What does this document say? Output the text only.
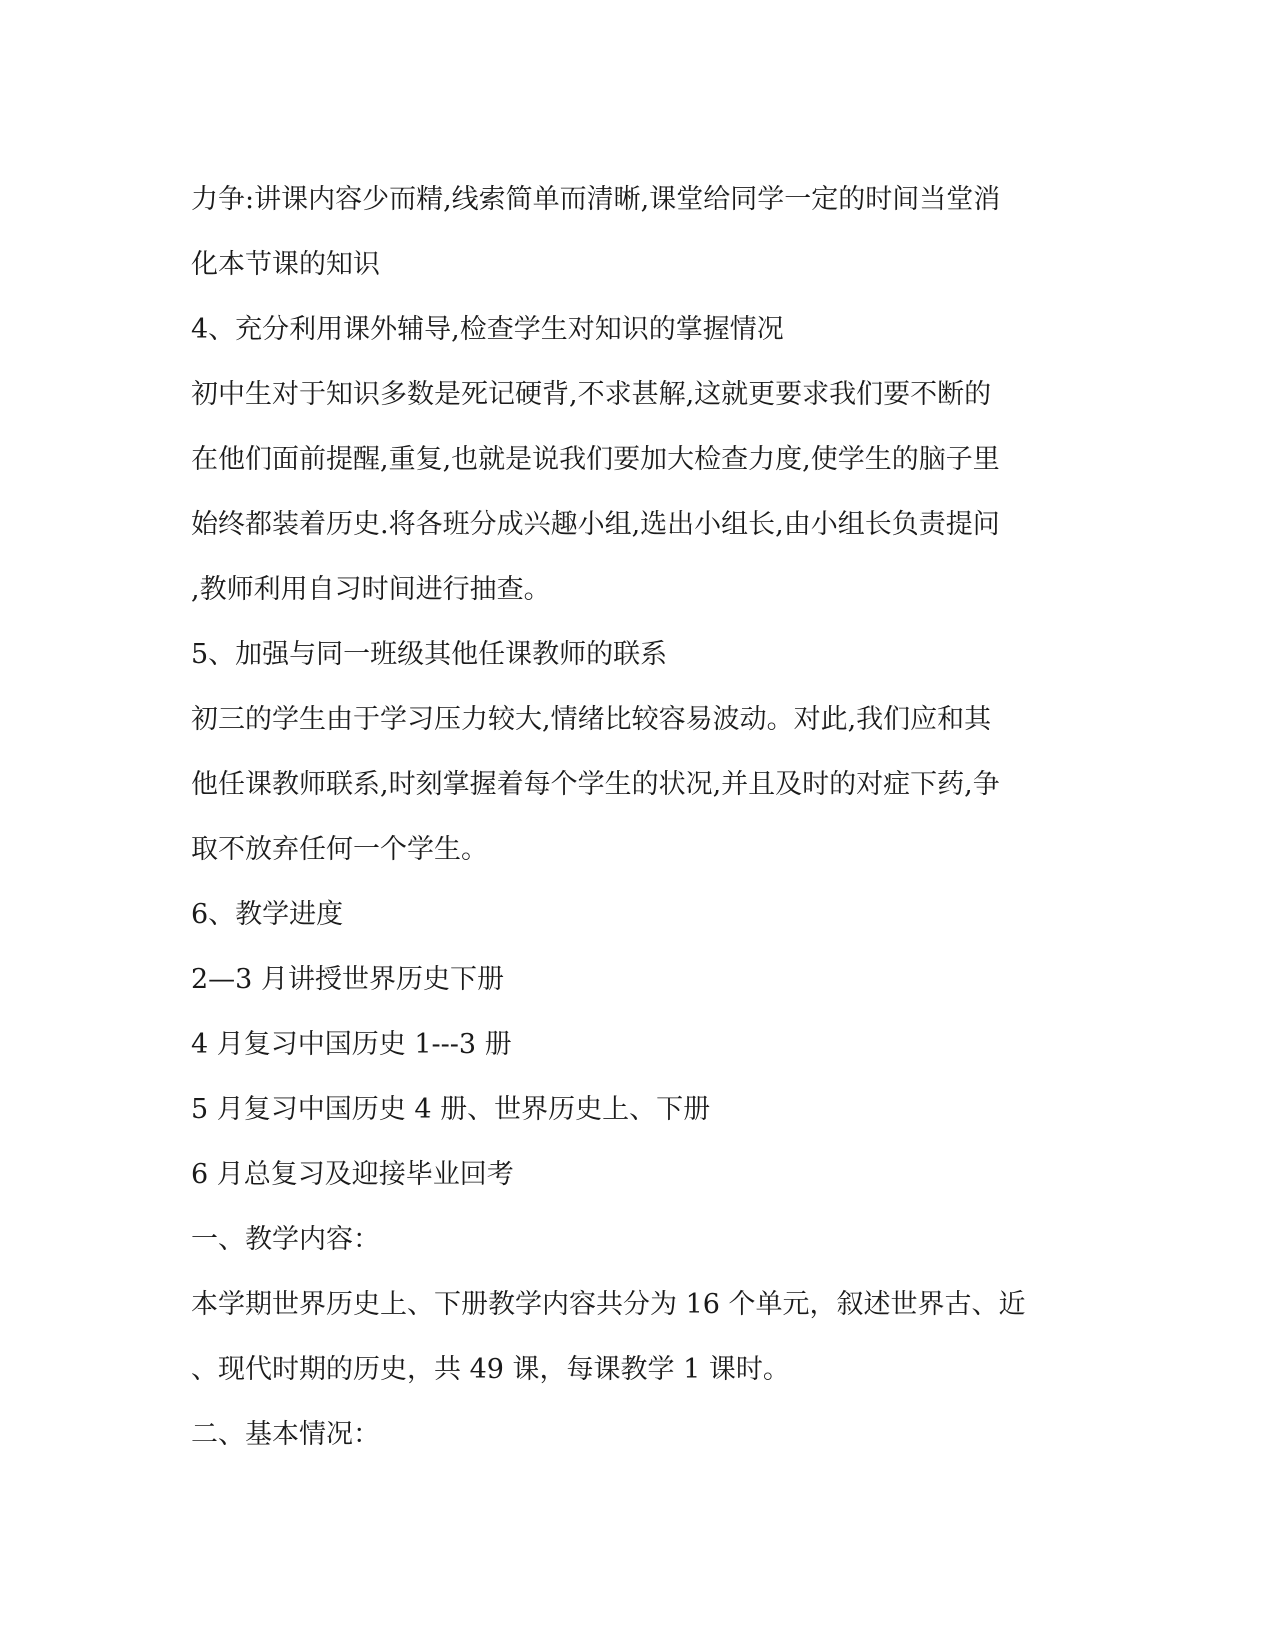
力争:讲课内容少而精,线索简单而清晰,课堂给同学一定的时间当堂消
化本节课的知识
4、充分利用课外辅导,检查学生对知识的掌握情况
初中生对于知识多数是死记硬背,不求甚解,这就更要求我们要不断的
在他们面前提醒,重复,也就是说我们要加大检查力度,使学生的脑子里
始终都装着历史.将各班分成兴趣小组,选出小组长,由小组长负责提问
,教师利用自习时间进行抽查。
5、加强与同一班级其他任课教师的联系
初三的学生由于学习压力较大,情绪比较容易波动。对此,我们应和其
他任课教师联系,时刻掌握着每个学生的状况,并且及时的对症下药,争
取不放弃任何一个学生。
6、教学进度
2—3 月讲授世界历史下册
4 月复习中国历史 1---3 册
5 月复习中国历史 4 册、世界历史上、下册
6 月总复习及迎接毕业回考
一、教学内容：
本学期世界历史上、下册教学内容共分为 16 个单元，叙述世界古、近
、现代时期的历史，共 49 课，每课教学 1 课时。
二、基本情况：
